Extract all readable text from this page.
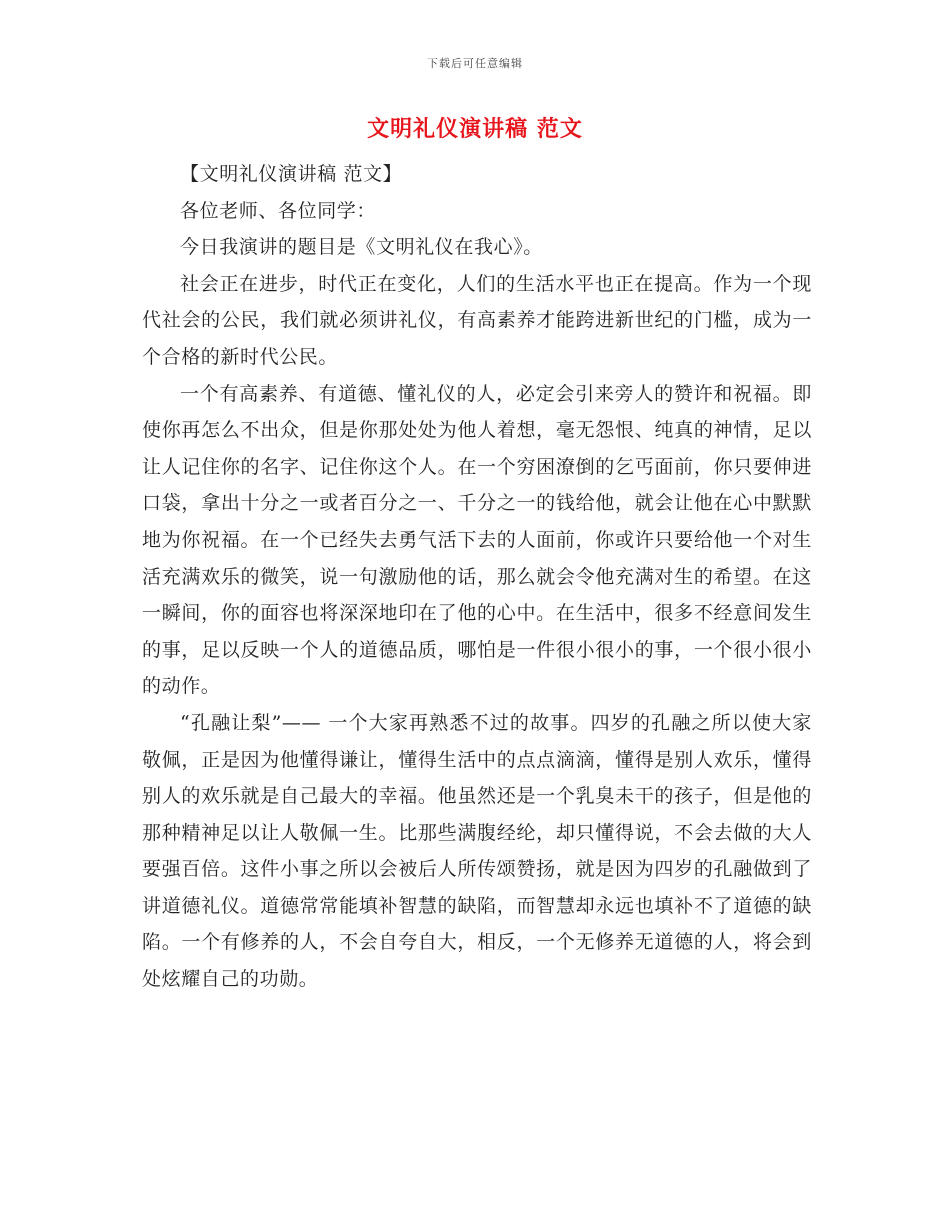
下载后可任意编辑
文明礼仪演讲稿 范文

【文明礼仪演讲稿 范文】

各位老师、各位同学：

今日我演讲的题目是《文明礼仪在我心》。

社会正在进步，时代正在变化，人们的生活水平也正在提高。作为一个现代社会的公民，我们就必须讲礼仪，有高素养才能跨进新世纪的门槛，成为一个合格的新时代公民。

一个有高素养、有道德、懂礼仪的人，必定会引来旁人的赞许和祝福。即使你再怎么不出众，但是你那处处为他人着想，毫无怨恨、纯真的神情，足以让人记住你的名字、记住你这个人。在一个穷困潦倒的乞丐面前，你只要伸进口袋，拿出十分之一或者百分之一、千分之一的钱给他，就会让他在心中默默地为你祝福。在一个已经失去勇气活下去的人面前，你或许只要给他一个对生活充满欢乐的微笑，说一句激励他的话，那么就会令他充满对生的希望。在这一瞬间，你的面容也将深深地印在了他的心中。在生活中，很多不经意间发生的事，足以反映一个人的道德品质，哪怕是一件很小很小的事，一个很小很小的动作。

“孔融让梨”—— 一个大家再熟悉不过的故事。四岁的孔融之所以使大家敬佩，正是因为他懂得谦让，懂得生活中的点点滴滴，懂得是别人欢乐，懂得别人的欢乐就是自己最大的幸福。他虽然还是一个乳臭未干的孩子，但是他的那种精神足以让人敬佩一生。比那些满腹经纶，却只懂得说，不会去做的大人要强百倍。这件小事之所以会被后人所传颂赞扬，就是因为四岁的孔融做到了讲道德礼仪。道德常常能填补智慧的缺陷，而智慧却永远也填补不了道德的缺陷。一个有修养的人，不会自夸自大，相反，一个无修养无道德的人，将会到处炫耀自己的功勋。
